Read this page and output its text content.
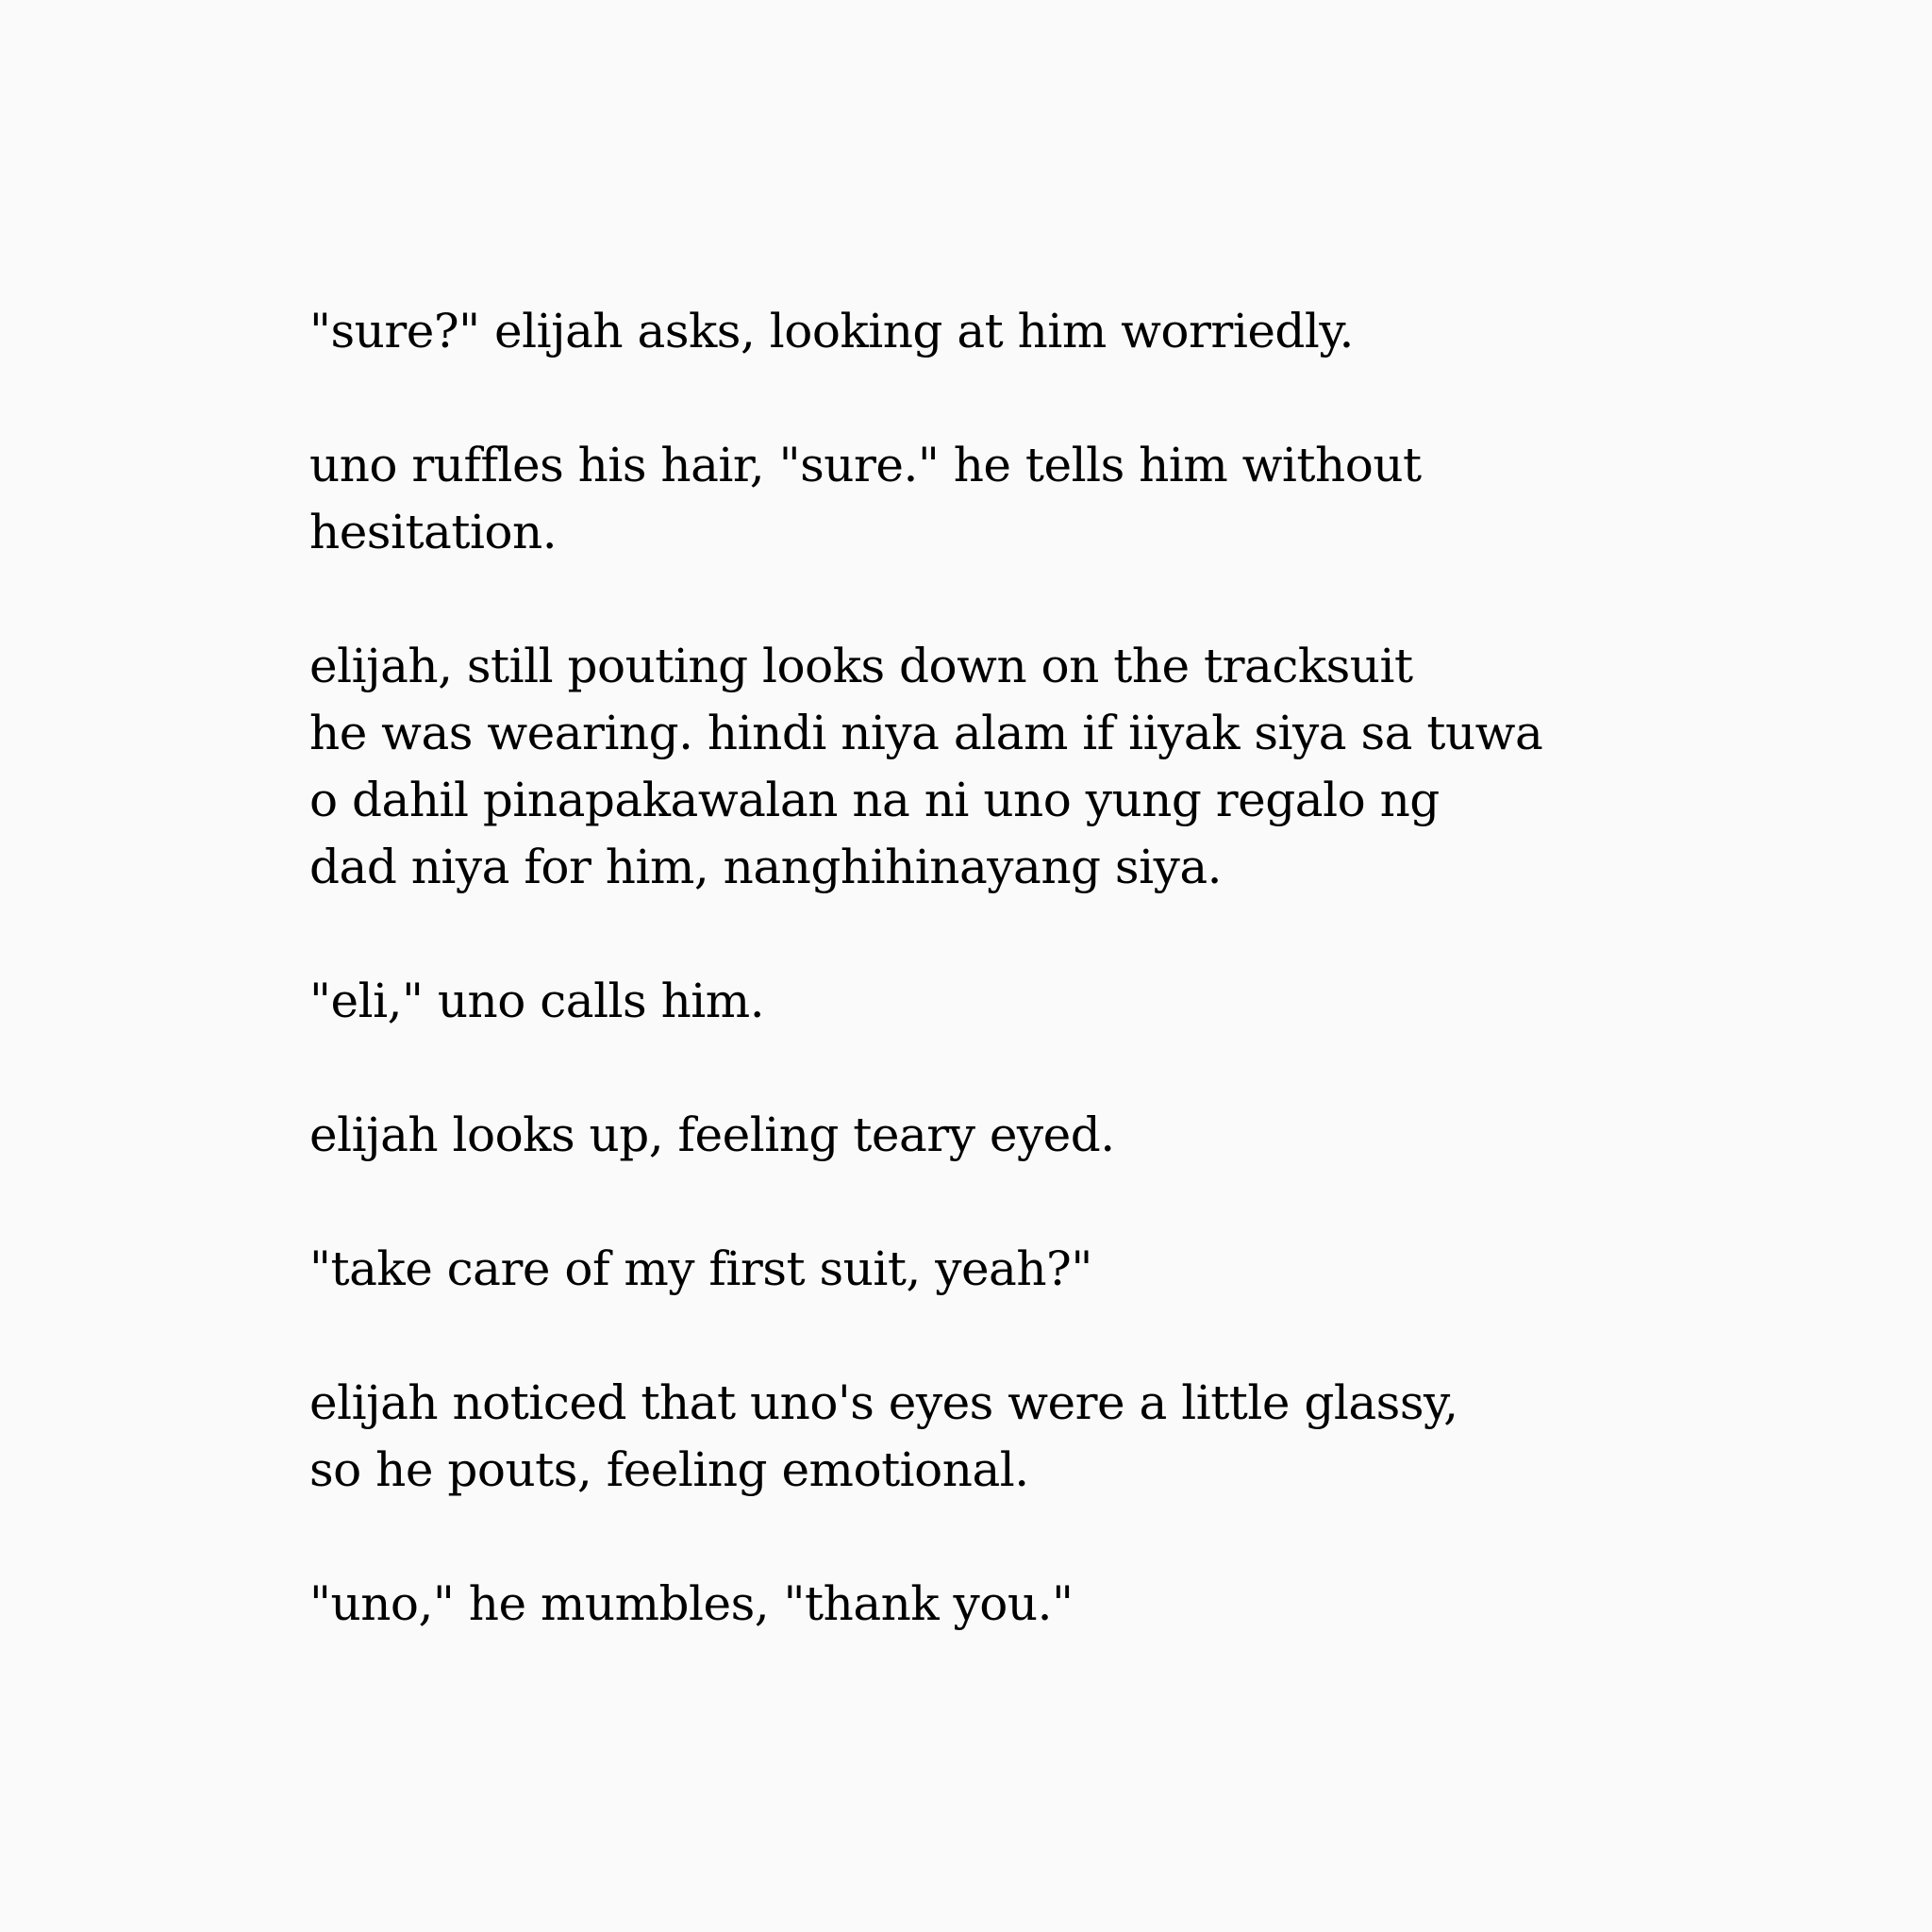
"sure?" elijah asks, looking at him worriedly.

uno ruffles his hair, "sure." he tells him without
hesitation.

elijah, still pouting looks down on the tracksuit
he was wearing. hindi niya alam if iiyak siya sa tuwa
o dahil pinapakawalan na ni uno yung regalo ng
dad niya for him, nanghihinayang siya.

"eli," uno calls him.

elijah looks up, feeling teary eyed.

"take care of my first suit, yeah?"

elijah noticed that uno's eyes were a little glassy,
so he pouts, feeling emotional.

"uno," he mumbles, "thank you."
